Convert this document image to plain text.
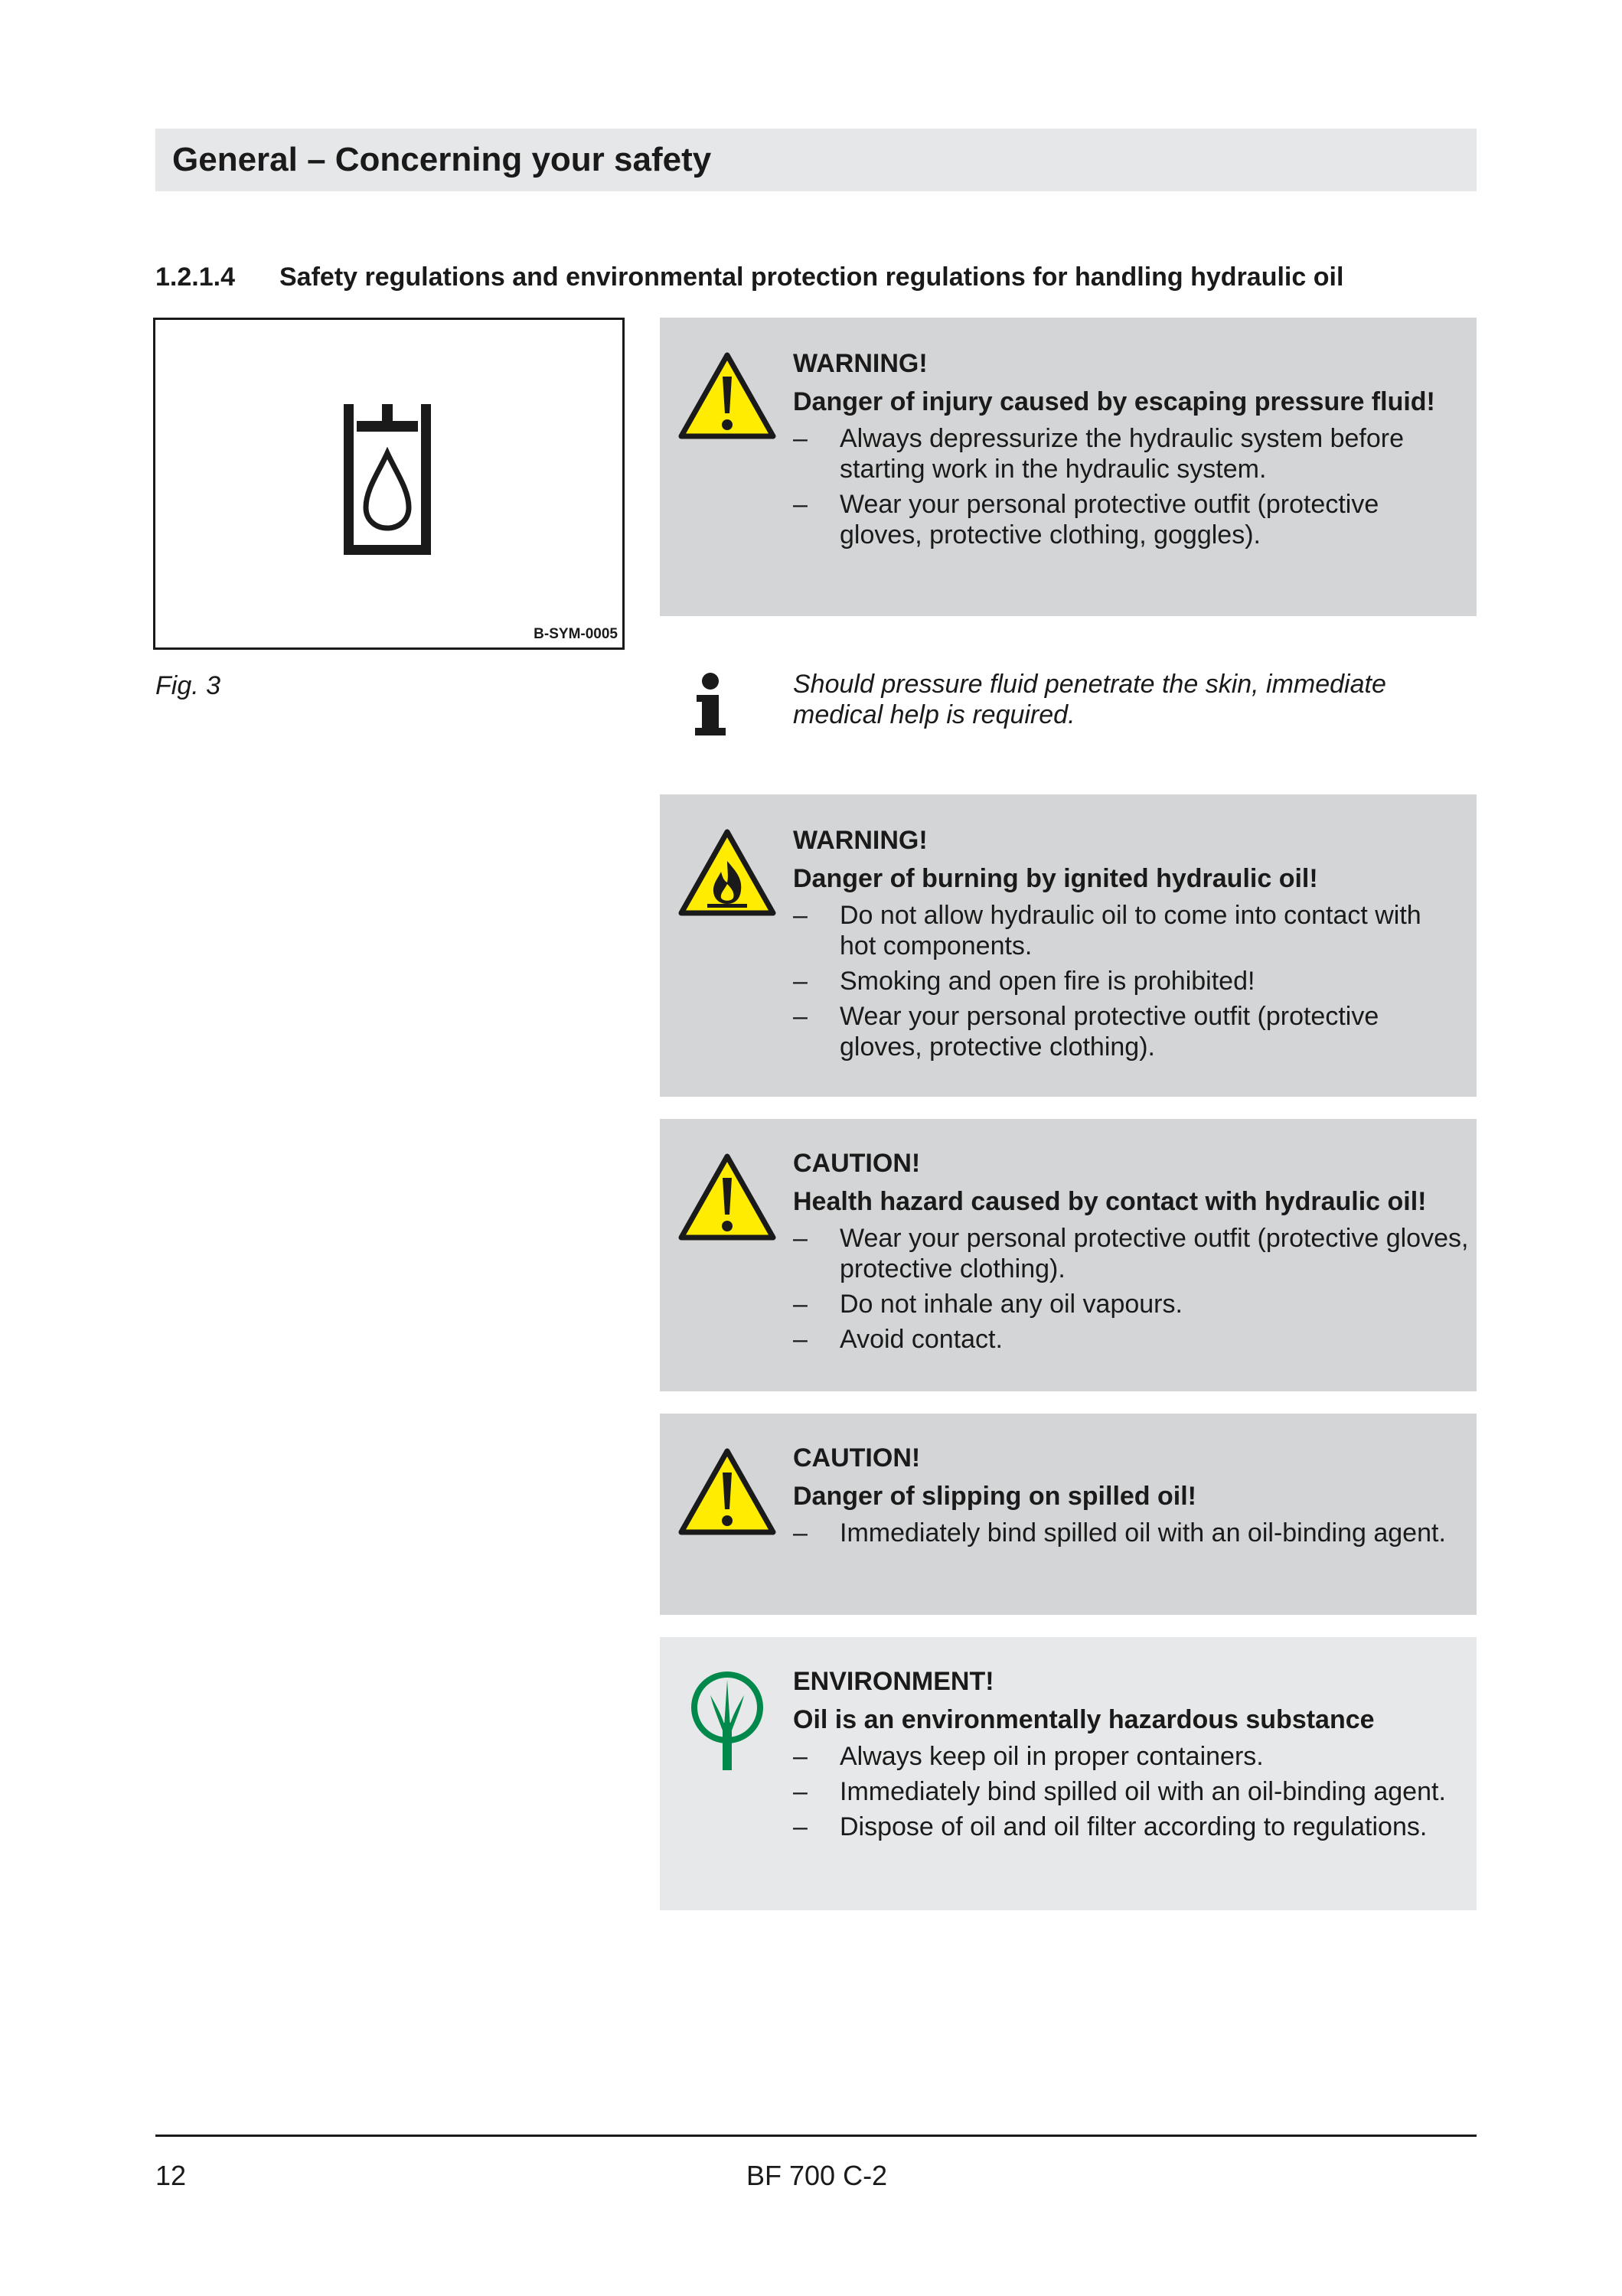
General – Concerning your safety
1.2.1.4 Safety regulations and environmental protection regulations for handling hydraulic oil
B-SYM-0005
Fig. 3
WARNING!
Danger of injury caused by escaping pressure fluid!
– Always depressurize the hydraulic system before starting work in the hydraulic system.
– Wear your personal protective outfit (protective gloves, protective clothing, goggles).
Should pressure fluid penetrate the skin, immediate medical help is required.
WARNING!
Danger of burning by ignited hydraulic oil!
– Do not allow hydraulic oil to come into contact with hot components.
– Smoking and open fire is prohibited!
– Wear your personal protective outfit (protective gloves, protective clothing).
CAUTION!
Health hazard caused by contact with hydraulic oil!
– Wear your personal protective outfit (protective gloves, protective clothing).
– Do not inhale any oil vapours.
– Avoid contact.
CAUTION!
Danger of slipping on spilled oil!
– Immediately bind spilled oil with an oil-binding agent.
ENVIRONMENT!
Oil is an environmentally hazardous substance
– Always keep oil in proper containers.
– Immediately bind spilled oil with an oil-binding agent.
– Dispose of oil and oil filter according to regulations.
12	BF 700 C-2
